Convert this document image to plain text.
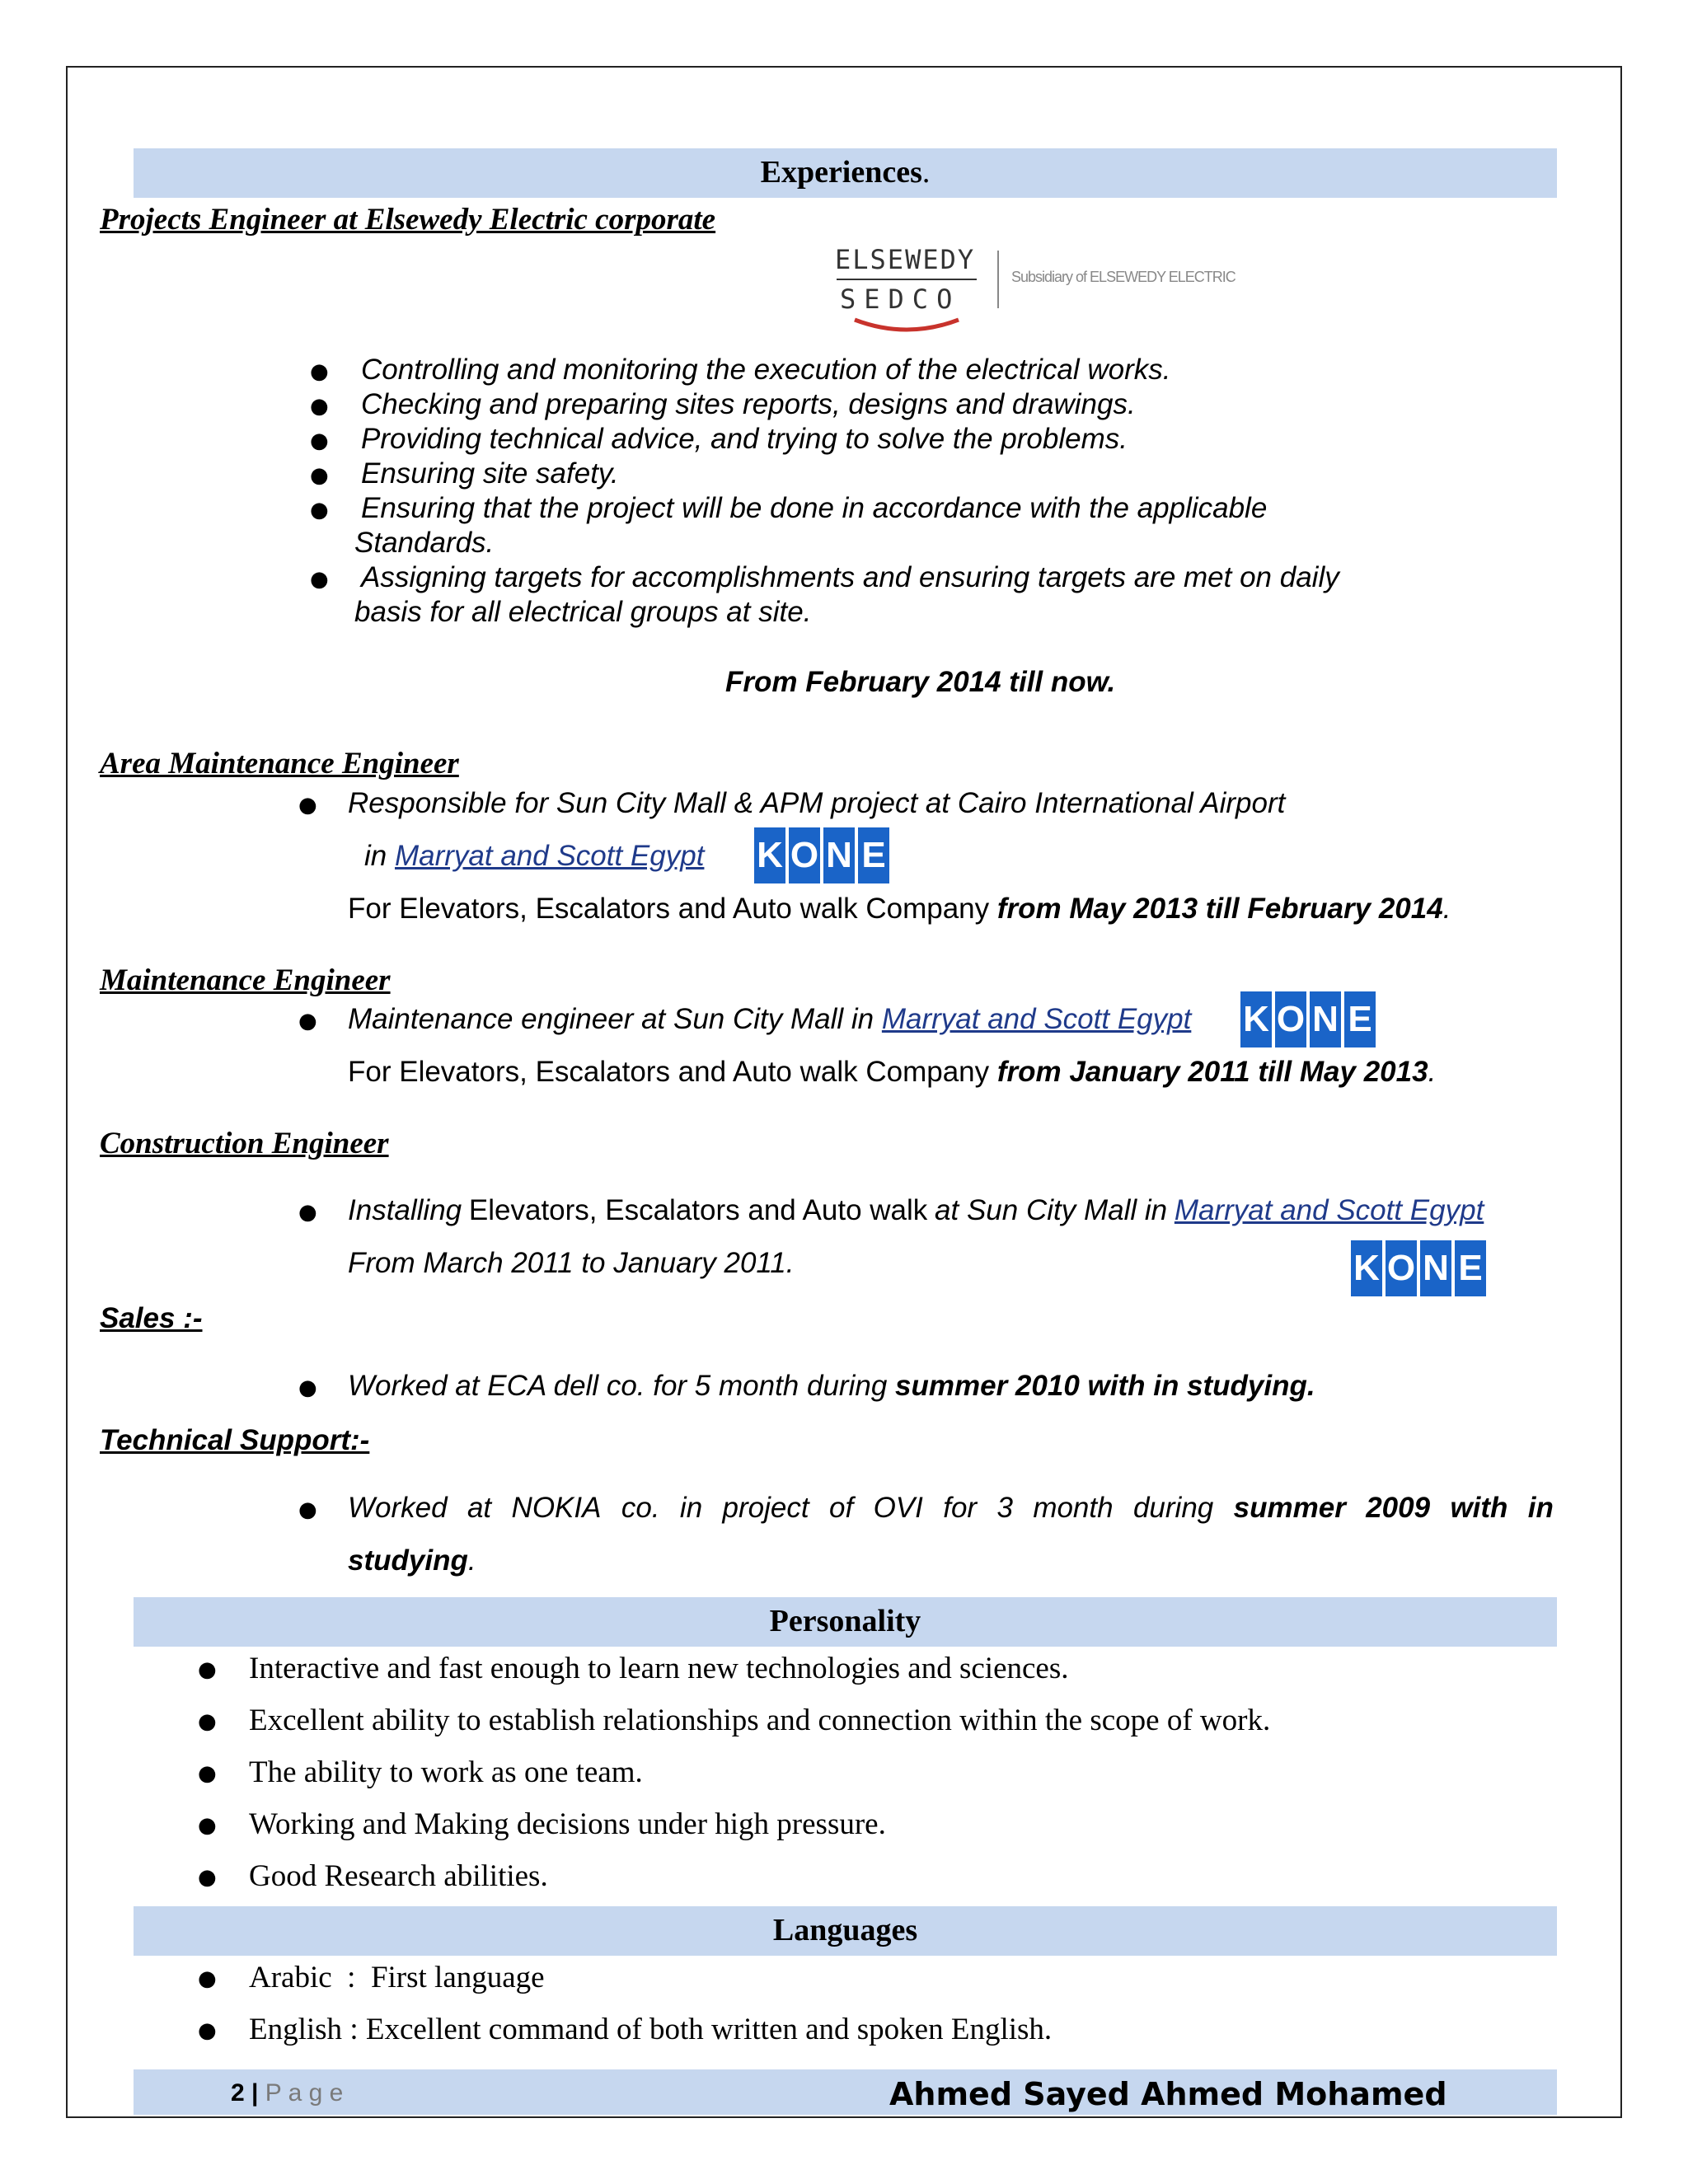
Experiences.
Projects Engineer at Elsewedy Electric corporate
ELSEWEDY
SEDCO
Subsidiary of ELSEWEDY ELECTRIC
● Controlling and monitoring the execution of the electrical works.
● Checking and preparing sites reports, designs and drawings.
● Providing technical advice, and trying to solve the problems.
● Ensuring site safety.
● Ensuring that the project will be done in accordance with the applicable
Standards.
● Assigning targets for accomplishments and ensuring targets are met on daily
basis for all electrical groups at site.
From February 2014 till now.
Area Maintenance Engineer
● Responsible for Sun City Mall & APM project at Cairo International Airport
in Marryat and Scott Egypt K O N E
For Elevators, Escalators and Auto walk Company from May 2013 till February 2014.
Maintenance Engineer
● Maintenance engineer at Sun City Mall in Marryat and Scott Egypt K O N E
For Elevators, Escalators and Auto walk Company from January 2011 till May 2013.
Construction Engineer
● Installing Elevators, Escalators and Auto walk at Sun City Mall in Marryat and Scott Egypt
From March 2011 to January 2011.	K O N E
Sales :-
● Worked at ECA dell co. for 5 month during summer 2010 with in studying.
Technical Support:-
● Worked at NOKIA co. in project of OVI for 3 month during summer 2009 with in
studying.
Personality
● Interactive and fast enough to learn new technologies and sciences.
● Excellent ability to establish relationships and connection within the scope of work.
● The ability to work as one team.
● Working and Making decisions under high pressure.
● Good Research abilities.
Languages
● Arabic : First language
● English : Excellent command of both written and spoken English.
2 | P a g e	Ahmed Sayed Ahmed Mohamed
